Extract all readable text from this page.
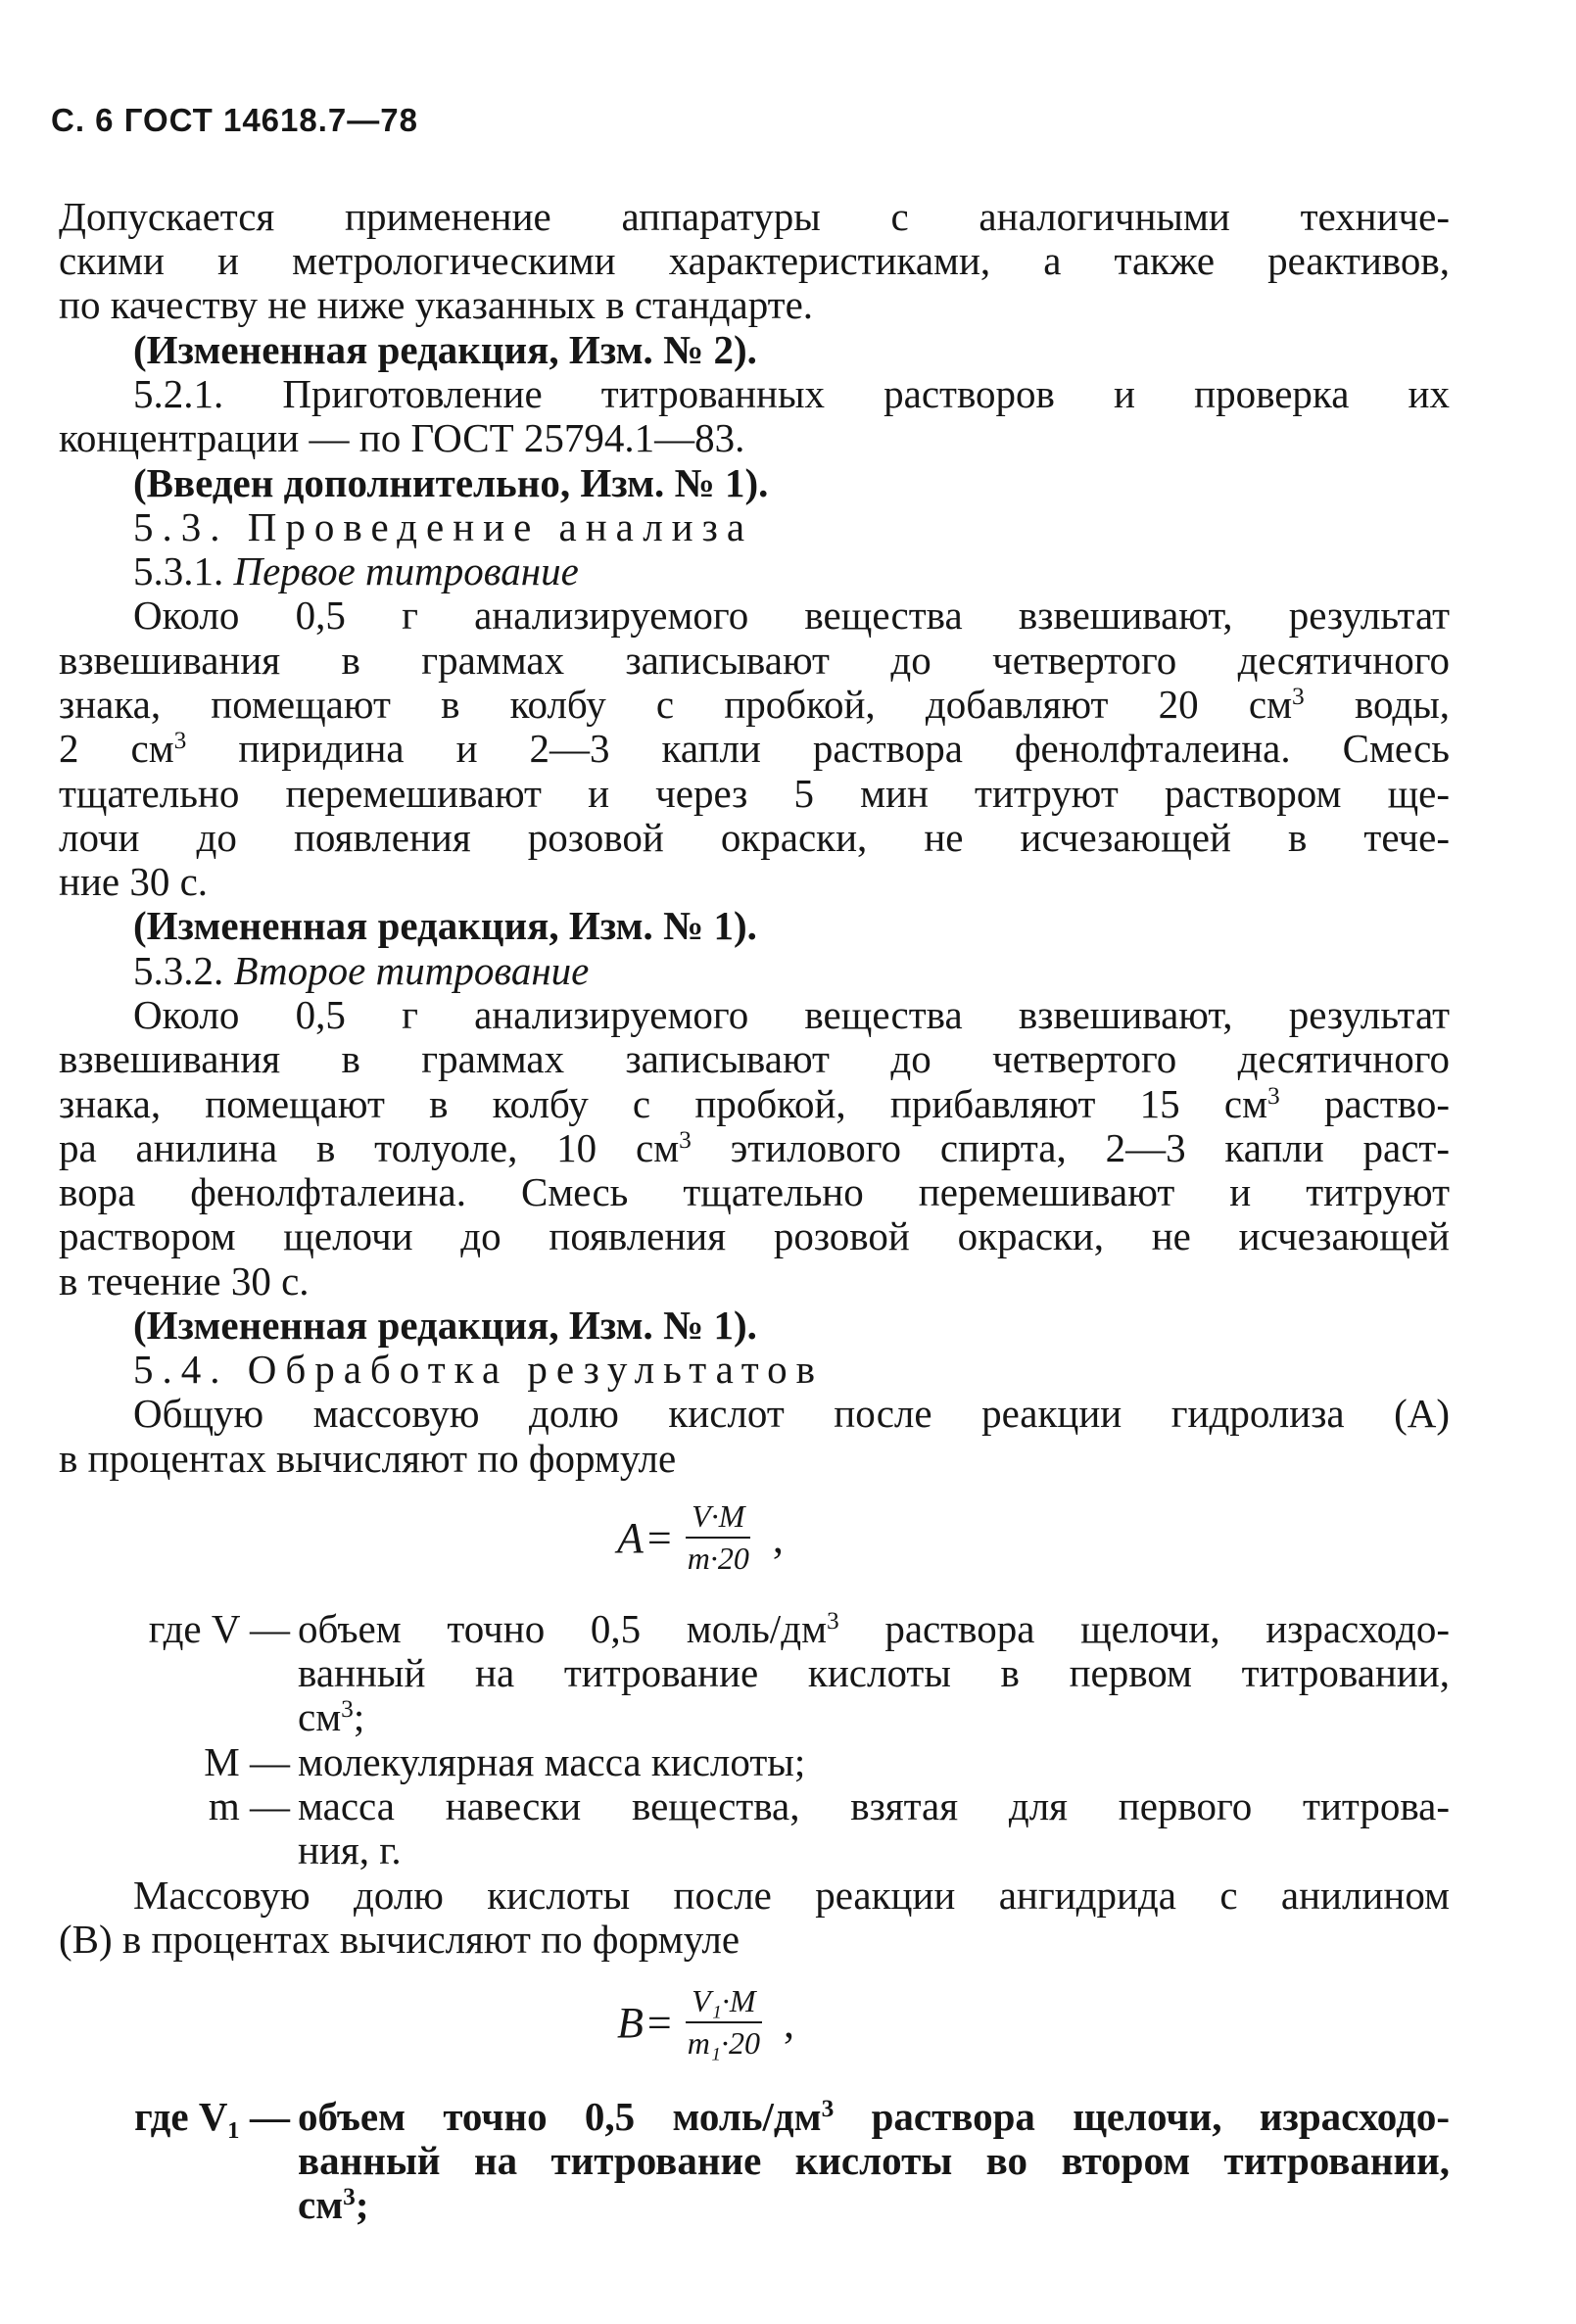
С. 6 ГОСТ 14618.7—78
Допускается применение аппаратуры с аналогичными техниче-
скими и метрологическими характеристиками, а также реактивов,
по качеству не ниже указанных в стандарте.
(Измененная редакция, Изм. № 2).
5.2.1. Приготовление титрованных растворов и проверка их
концентрации — по ГОСТ 25794.1—83.
(Введен дополнительно, Изм. № 1).
5.3. Проведение анализа
5.3.1. Первое титрование
Около 0,5 г анализируемого вещества взвешивают, результат
взвешивания в граммах записывают до четвертого десятичного
знака, помещают в колбу с пробкой, добавляют 20 $см^3$ воды,
2 $см^3$ пиридина и 2—3 капли раствора фенолфталеина. Смесь
тщательно перемешивают и через 5 мин титруют раствором ще-
лочи до появления розовой окраски, не исчезающей в тече-
ние 30 с.
(Измененная редакция, Изм. № 1).
5.3.2. Второе титрование
Около 0,5 г анализируемого вещества взвешивают, результат
взвешивания в граммах записывают до четвертого десятичного
знака, помещают в колбу с пробкой, прибавляют 15 $см^3$ раство-
ра анилина в толуоле, 10 $см^3$ этилового спирта, 2—3 капли раст-
вора фенолфталеина. Смесь тщательно перемешивают и титруют
раствором щелочи до появления розовой окраски, не исчезающей
в течение 30 с.
(Измененная редакция, Изм. № 1).
5.4. Обработка результатов
Общую массовую долю кислот после реакции гидролиза (A)
в процентах вычисляют по формуле
$A = \frac{V\cdot M}{m\cdot 20}$ ,
где V — объем точно 0,5 моль/$дм^3$ раствора щелочи, израсходо-
ванный на титрование кислоты в первом титровании,
$см^3$;
M — молекулярная масса кислоты;
m — масса навески вещества, взятая для первого титрова-
ния, г.
Массовую долю кислоты после реакции ангидрида с анилином
(B) в процентах вычисляют по формуле
$B = \frac{\text{V₁·M}}{\text{m₁·20}}$ ,
где V₁ — объем точно 0,5 моль/$дм^3$ раствора щелочи, израсходо-
ванный на титрование кислоты во втором титровании,
$см^3$;
